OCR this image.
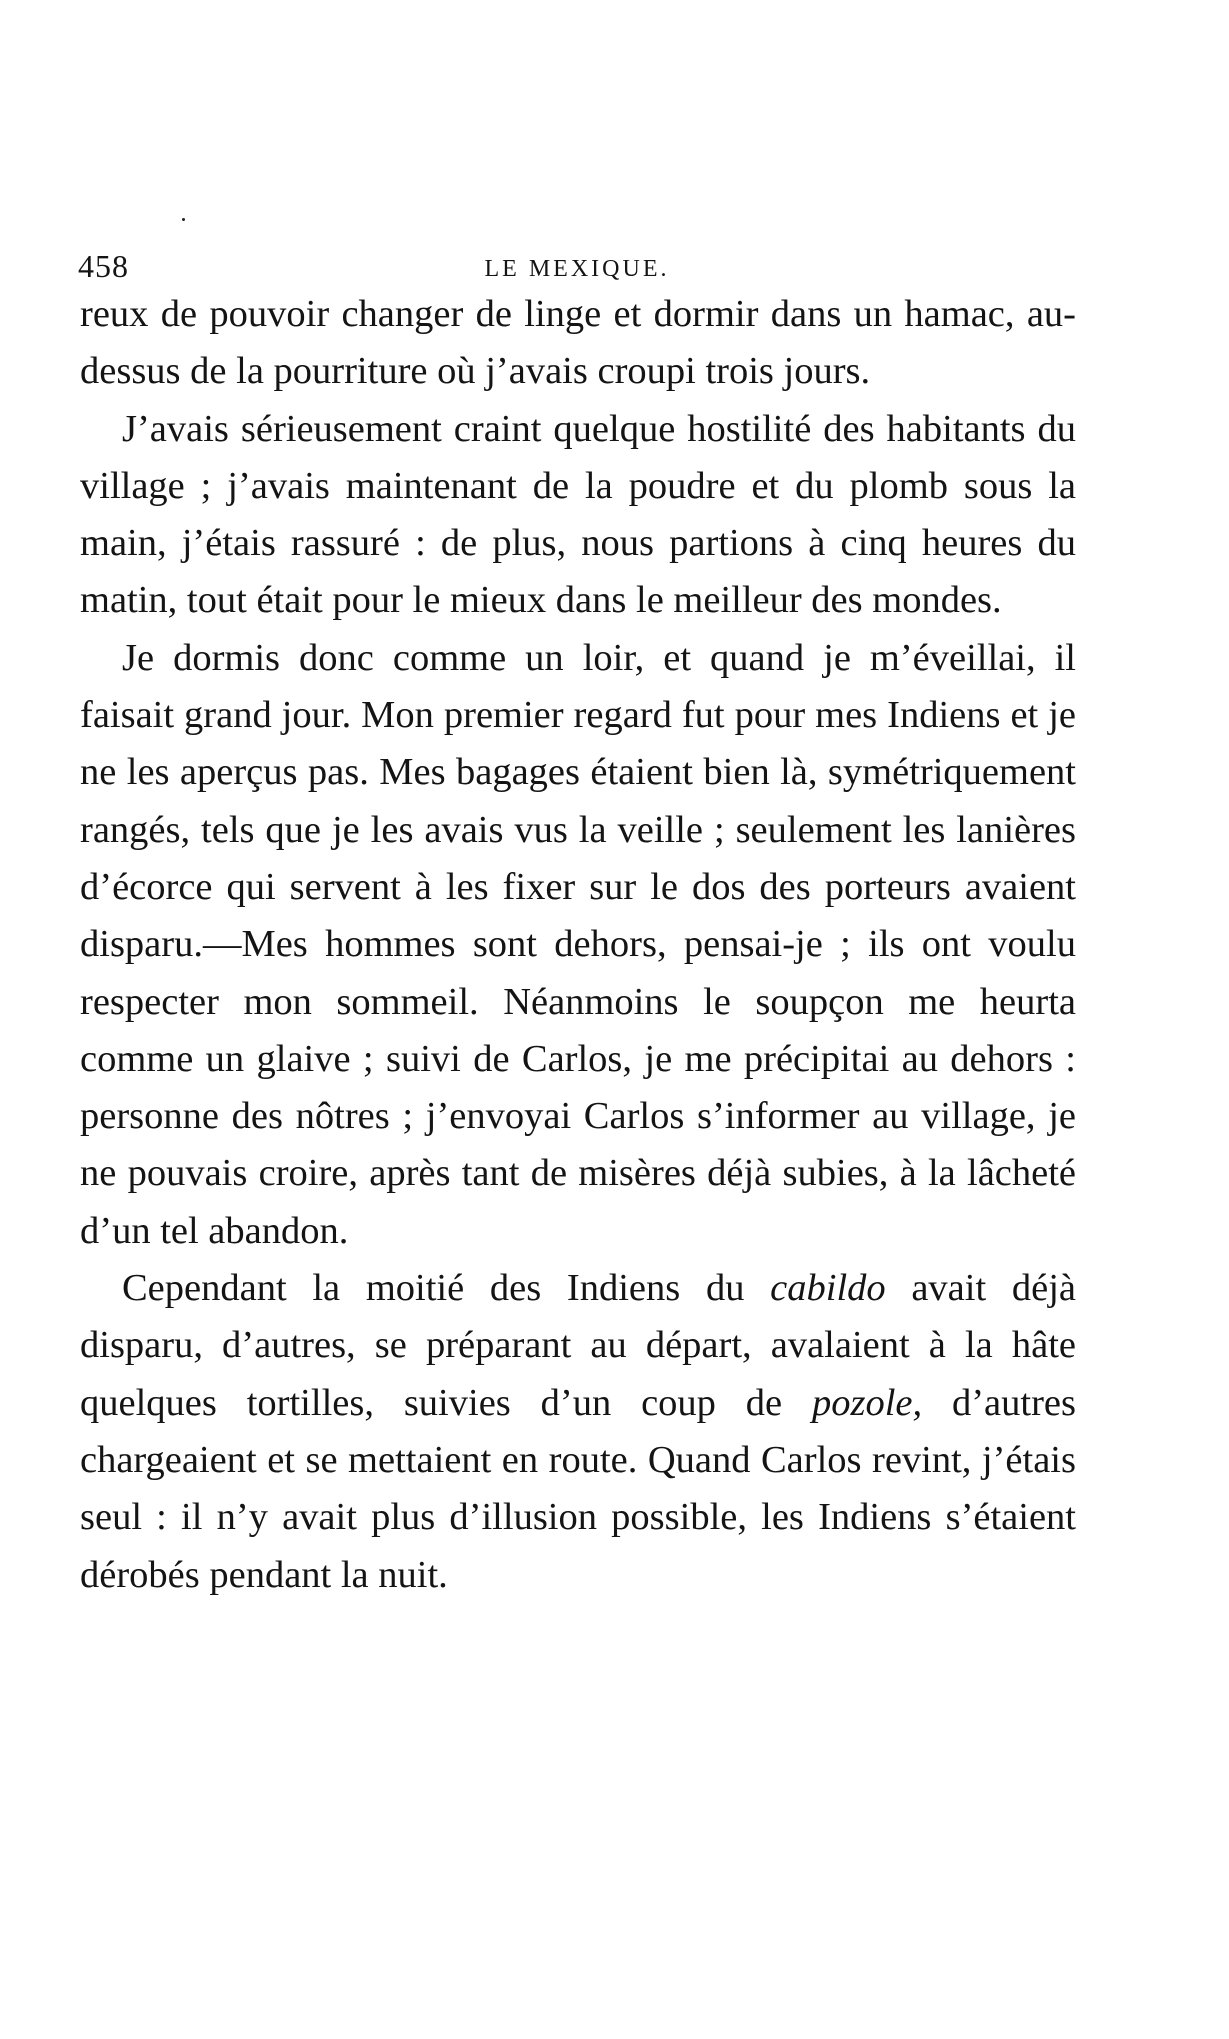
458	LE MEXIQUE.

reux de pouvoir changer de linge et dormir dans un hamac, au-dessus de la pourriture où j’avais croupi trois jours.

J’avais sérieusement craint quelque hostilité des habitants du village ; j’avais maintenant de la poudre et du plomb sous la main, j’étais rassuré : de plus, nous partions à cinq heures du matin, tout était pour le mieux dans le meilleur des mondes.

Je dormis donc comme un loir, et quand je m’éveillai, il faisait grand jour. Mon premier regard fut pour mes Indiens et je ne les aperçus pas. Mes bagages étaient bien là, symétriquement rangés, tels que je les avais vus la veille ; seulement les lanières d’écorce qui servent à les fixer sur le dos des porteurs avaient disparu.—Mes hommes sont dehors, pensai-je ; ils ont voulu respecter mon sommeil. Néanmoins le soupçon me heurta comme un glaive ; suivi de Carlos, je me précipitai au dehors : personne des nôtres ; j’envoyai Carlos s’informer au village, je ne pouvais croire, après tant de misères déjà subies, à la lâcheté d’un tel abandon.

Cependant la moitié des Indiens du cabildo avait déjà disparu, d’autres, se préparant au départ, avalaient à la hâte quelques tortilles, suivies d’un coup de pozole, d’autres chargeaient et se mettaient en route. Quand Carlos revint, j’étais seul : il n’y avait plus d’illusion possible, les Indiens s’étaient dérobés pendant la nuit.
